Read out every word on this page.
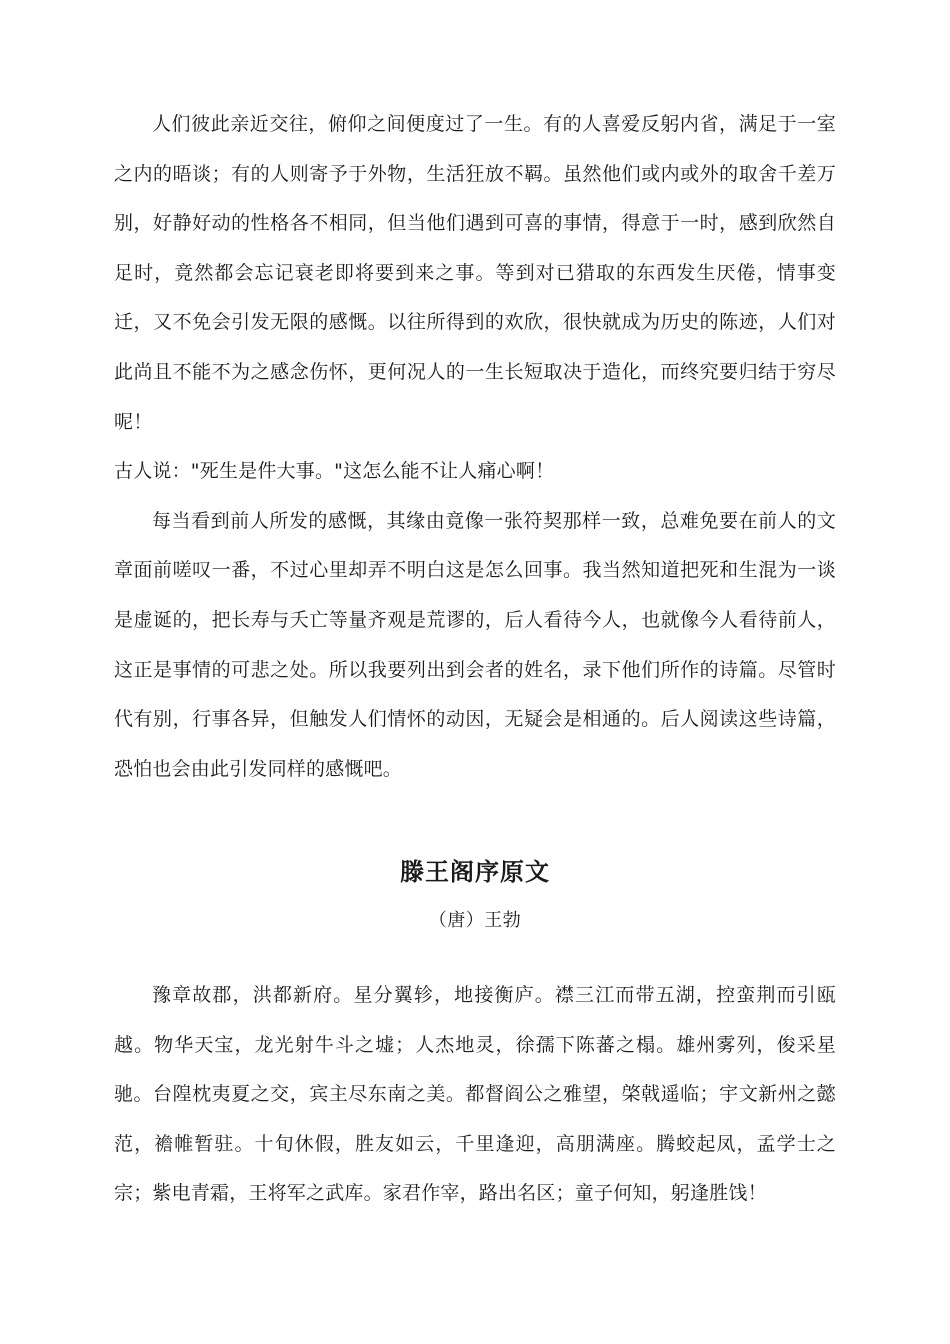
人们彼此亲近交往，俯仰之间便度过了一生。有的人喜爱反躬内省，满足于一室之内的晤谈；有的人则寄予于外物，生活狂放不羁。虽然他们或内或外的取舍千差万别，好静好动的性格各不相同，但当他们遇到可喜的事情，得意于一时，感到欣然自足时，竟然都会忘记衰老即将要到来之事。等到对已猎取的东西发生厌倦，情事变迁，又不免会引发无限的感慨。以往所得到的欢欣，很快就成为历史的陈迹，人们对此尚且不能不为之感念伤怀，更何况人的一生长短取决于造化，而终究要归结于穷尽呢！

古人说："死生是件大事。"这怎么能不让人痛心啊！

每当看到前人所发的感慨，其缘由竟像一张符契那样一致，总难免要在前人的文章面前嗟叹一番，不过心里却弄不明白这是怎么回事。我当然知道把死和生混为一谈是虚诞的，把长寿与夭亡等量齐观是荒谬的，后人看待今人，也就像今人看待前人，这正是事情的可悲之处。所以我要列出到会者的姓名，录下他们所作的诗篇。尽管时代有别，行事各异，但触发人们情怀的动因，无疑会是相通的。后人阅读这些诗篇，恐怕也会由此引发同样的感慨吧。

滕王阁序原文

（唐）王勃

豫章故郡，洪都新府。星分翼轸，地接衡庐。襟三江而带五湖，控蛮荆而引瓯越。物华天宝，龙光射牛斗之墟；人杰地灵，徐孺下陈蕃之榻。雄州雾列，俊采星驰。台隍枕夷夏之交，宾主尽东南之美。都督阎公之雅望，棨戟遥临；宇文新州之懿范，襜帷暂驻。十旬休假，胜友如云，千里逢迎，高朋满座。腾蛟起凤，孟学士之宗；紫电青霜，王将军之武库。家君作宰，路出名区；童子何知，躬逢胜饯！
